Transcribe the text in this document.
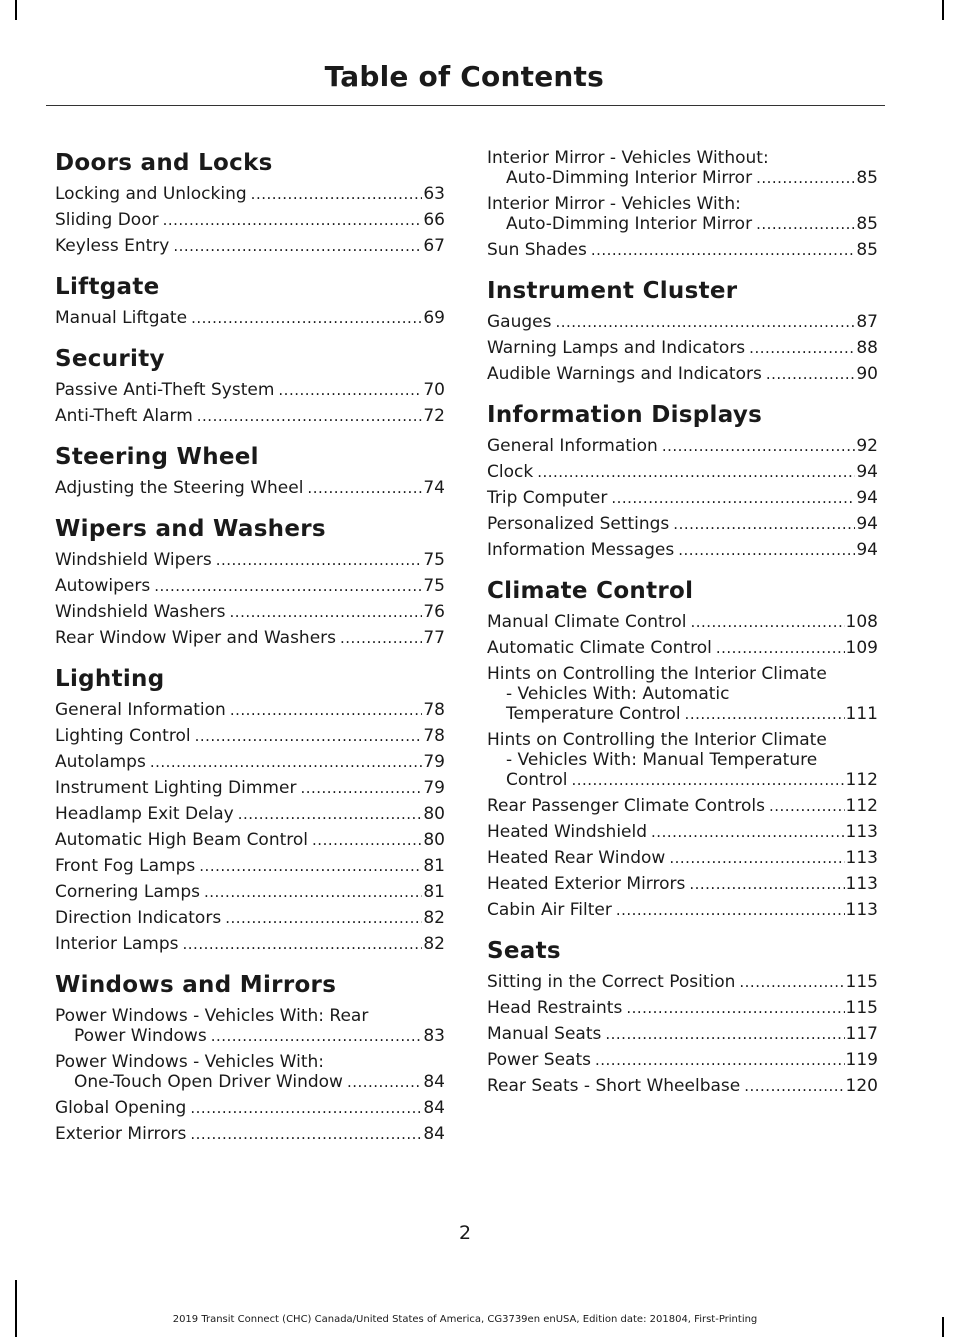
Table of Contents
Doors and Locks
Locking and Unlocking .....	63
Sliding Door .....	66
Keyless Entry .....	67
Liftgate
Manual Liftgate .....	69
Security
Passive Anti-Theft System .....	70
Anti-Theft Alarm .....	72
Steering Wheel
Adjusting the Steering Wheel .....	74
Wipers and Washers
Windshield Wipers .....	75
Autowipers .....	75
Windshield Washers .....	76
Rear Window Wiper and Washers .....	77
Lighting
General Information .....	78
Lighting Control .....	78
Autolamps .....	79
Instrument Lighting Dimmer .....	79
Headlamp Exit Delay .....	80
Automatic High Beam Control .....	80
Front Fog Lamps .....	81
Cornering Lamps .....	81
Direction Indicators .....	82
Interior Lamps .....	82
Windows and Mirrors
Power Windows - Vehicles With: Rear
Power Windows .....	83
Power Windows - Vehicles With:
One-Touch Open Driver Window .....	84
Global Opening .....	84
Exterior Mirrors .....	84
Interior Mirror - Vehicles Without:
Auto-Dimming Interior Mirror .....	85
Interior Mirror - Vehicles With:
Auto-Dimming Interior Mirror .....	85
Sun Shades .....	85
Instrument Cluster
Gauges .....	87
Warning Lamps and Indicators .....	88
Audible Warnings and Indicators .....	90
Information Displays
General Information .....	92
Clock .....	94
Trip Computer .....	94
Personalized Settings .....	94
Information Messages .....	94
Climate Control
Manual Climate Control .....	108
Automatic Climate Control .....	109
Hints on Controlling the Interior Climate
- Vehicles With: Automatic
Temperature Control .....	111
Hints on Controlling the Interior Climate
- Vehicles With: Manual Temperature
Control .....	112
Rear Passenger Climate Controls .....	112
Heated Windshield .....	113
Heated Rear Window .....	113
Heated Exterior Mirrors .....	113
Cabin Air Filter .....	113
Seats
Sitting in the Correct Position .....	115
Head Restraints .....	115
Manual Seats .....	117
Power Seats .....	119
Rear Seats - Short Wheelbase .....	120
2
2019 Transit Connect (CHC) Canada/United States of America, CG3739en enUSA, Edition date: 201804, First-Printing
